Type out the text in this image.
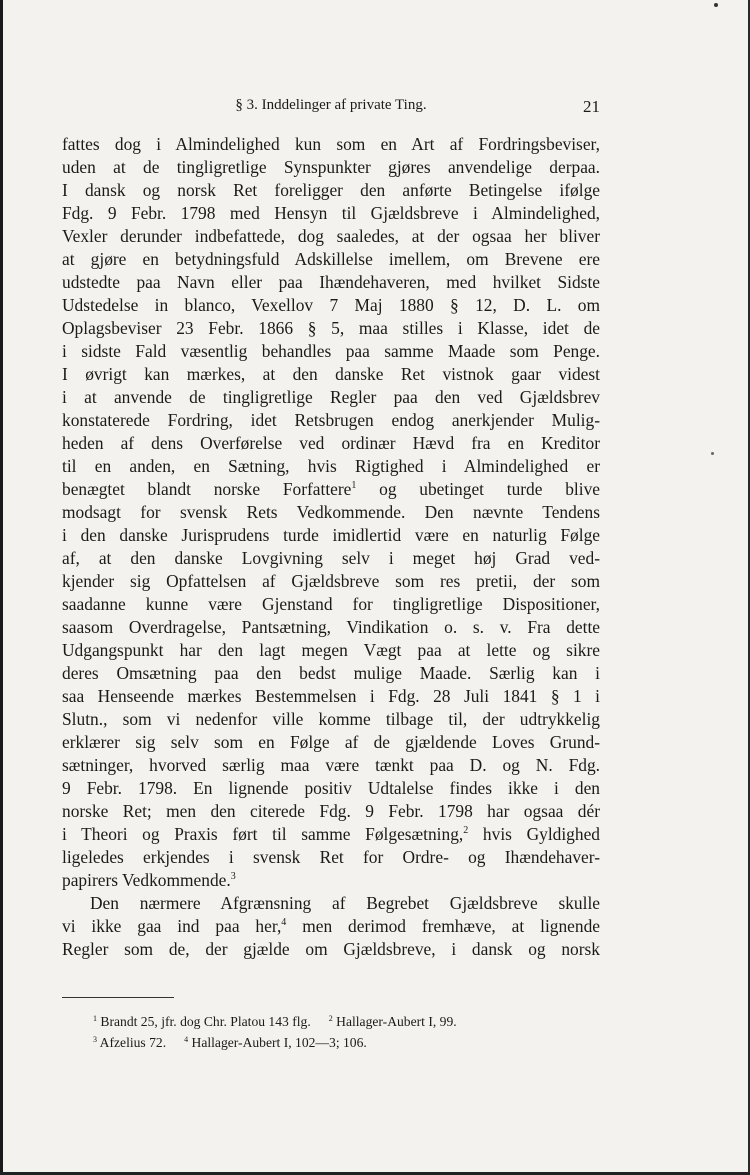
§ 3. Inddelinger af private Ting.	21
fattes dog i Almindelighed kun som en Art af Fordringsbeviser,
uden at de tingligretlige Synspunkter gjøres anvendelige derpaa.
I dansk og norsk Ret foreligger den anførte Betingelse ifølge
Fdg. 9 Febr. 1798 med Hensyn til Gjældsbreve i Almindelighed,
Vexler derunder indbefattede, dog saaledes, at der ogsaa her bliver
at gjøre en betydningsfuld Adskillelse imellem, om Brevene ere
udstedte paa Navn eller paa Ihændehaveren, med hvilket Sidste
Udstedelse in blanco, Vexellov 7 Maj 1880 § 12, D. L. om
Oplagsbeviser 23 Febr. 1866 § 5, maa stilles i Klasse, idet de
i sidste Fald væsentlig behandles paa samme Maade som Penge.
I øvrigt kan mærkes, at den danske Ret vistnok gaar videst
i at anvende de tingligretlige Regler paa den ved Gjældsbrev
konstaterede Fordring, idet Retsbrugen endog anerkjender Mulig-
heden af dens Overførelse ved ordinær Hævd fra en Kreditor
til en anden, en Sætning, hvis Rigtighed i Almindelighed er
benægtet blandt norske Forfattere$^1$ og ubetinget turde blive
modsagt for svensk Rets Vedkommende. Den nævnte Tendens
i den danske Jurisprudens turde imidlertid være en naturlig Følge
af, at den danske Lovgivning selv i meget høj Grad ved-
kjender sig Opfattelsen af Gjældsbreve som res pretii, der som
saadanne kunne være Gjenstand for tingligretlige Dispositioner,
saasom Overdragelse, Pantsætning, Vindikation o. s. v. Fra dette
Udgangspunkt har den lagt megen Vægt paa at lette og sikre
deres Omsætning paa den bedst mulige Maade. Særlig kan i
saa Henseende mærkes Bestemmelsen i Fdg. 28 Juli 1841 § 1 i
Slutn., som vi nedenfor ville komme tilbage til, der udtrykkelig
erklærer sig selv som en Følge af de gjældende Loves Grund-
sætninger, hvorved særlig maa være tænkt paa D. og N. Fdg.
9 Febr. 1798. En lignende positiv Udtalelse findes ikke i den
norske Ret; men den citerede Fdg. 9 Febr. 1798 har ogsaa dér
i Theori og Praxis ført til samme Følgesætning,$^2$ hvis Gyldighed
ligeledes erkjendes i svensk Ret for Ordre- og Ihændehaver-
papirers Vedkommende.$^3$
Den nærmere Afgrænsning af Begrebet Gjældsbreve skulle
vi ikke gaa ind paa her,$^4$ men derimod fremhæve, at lignende
Regler som de, der gjælde om Gjældsbreve, i dansk og norsk
$^1$ Brandt 25, jfr. dog Chr. Platou 143 flg. $^2$ Hallager-Aubert I, 99.
$^3$ Afzelius 72. $^4$ Hallager-Aubert I, 102—3; 106.
